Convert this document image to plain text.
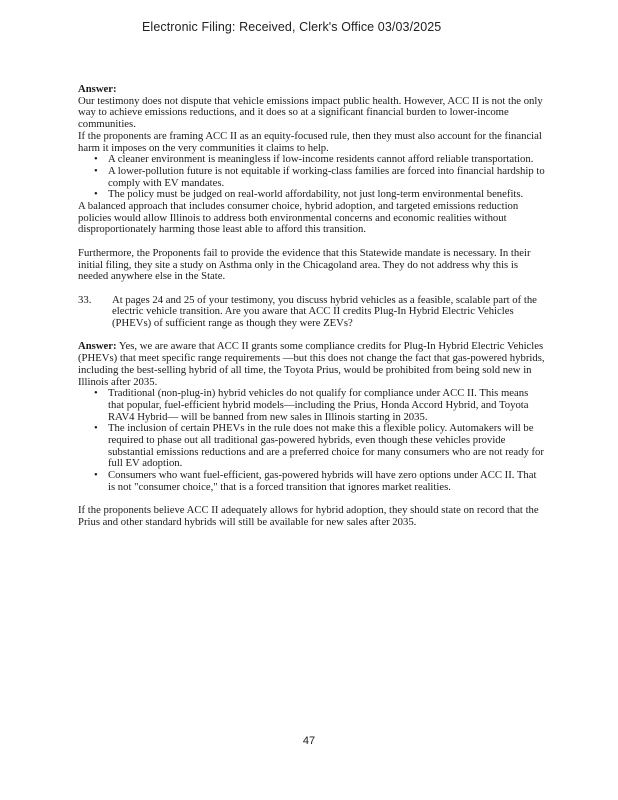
Electronic Filing: Received, Clerk's Office 03/03/2025

Answer:

Our testimony does not dispute that vehicle emissions impact public health. However, ACC II is not the only way to achieve emissions reductions, and it does so at a significant financial burden to lower-income communities.

If the proponents are framing ACC II as an equity-focused rule, then they must also account for the financial harm it imposes on the very communities it claims to help.

• A cleaner environment is meaningless if low-income residents cannot afford reliable transportation.
• A lower-pollution future is not equitable if working-class families are forced into financial hardship to comply with EV mandates.
• The policy must be judged on real-world affordability, not just long-term environmental benefits.

A balanced approach that includes consumer choice, hybrid adoption, and targeted emissions reduction policies would allow Illinois to address both environmental concerns and economic realities without disproportionately harming those least able to afford this transition.

Furthermore, the Proponents fail to provide the evidence that this Statewide mandate is necessary. In their initial filing, they site a study on Asthma only in the Chicagoland area. They do not address why this is needed anywhere else in the State.

33.	At pages 24 and 25 of your testimony, you discuss hybrid vehicles as a feasible, scalable part of the electric vehicle transition. Are you aware that ACC II credits Plug-In Hybrid Electric Vehicles (PHEVs) of sufficient range as though they were ZEVs?

Answer: Yes, we are aware that ACC II grants some compliance credits for Plug-In Hybrid Electric Vehicles (PHEVs) that meet specific range requirements —but this does not change the fact that gas-powered hybrids, including the best-selling hybrid of all time, the Toyota Prius, would be prohibited from being sold new in Illinois after 2035.

• Traditional (non-plug-in) hybrid vehicles do not qualify for compliance under ACC II. This means that popular, fuel-efficient hybrid models—including the Prius, Honda Accord Hybrid, and Toyota RAV4 Hybrid— will be banned from new sales in Illinois starting in 2035.
• The inclusion of certain PHEVs in the rule does not make this a flexible policy. Automakers will be required to phase out all traditional gas-powered hybrids, even though these vehicles provide substantial emissions reductions and are a preferred choice for many consumers who are not ready for full EV adoption.
• Consumers who want fuel-efficient, gas-powered hybrids will have zero options under ACC II. That is not "consumer choice," that is a forced transition that ignores market realities.

If the proponents believe ACC II adequately allows for hybrid adoption, they should state on record that the Prius and other standard hybrids will still be available for new sales after 2035.

47
